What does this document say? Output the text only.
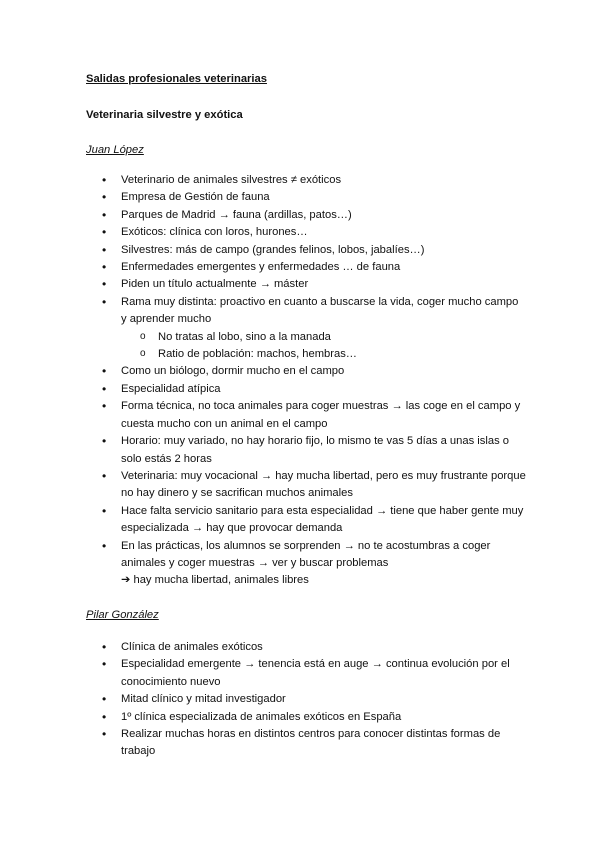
Salidas profesionales veterinarias
Veterinaria silvestre y exótica
Juan López
• Veterinario de animales silvestres ≠ exóticos
• Empresa de Gestión de fauna
• Parques de Madrid → fauna (ardillas, patos…)
• Exóticos: clínica con loros, hurones…
• Silvestres: más de campo (grandes felinos, lobos, jabalíes…)
• Enfermedades emergentes y enfermedades … de fauna
• Piden un título actualmente → máster
• Rama muy distinta: proactivo en cuanto a buscarse la vida, coger mucho campo y aprender mucho
o No tratas al lobo, sino a la manada
o Ratio de población: machos, hembras…
• Como un biólogo, dormir mucho en el campo
• Especialidad atípica
• Forma técnica, no toca animales para coger muestras → las coge en el campo y cuesta mucho con un animal en el campo
• Horario: muy variado, no hay horario fijo, lo mismo te vas 5 días a unas islas o solo estás 2 horas
• Veterinaria: muy vocacional → hay mucha libertad, pero es muy frustrante porque no hay dinero y se sacrifican muchos animales
• Hace falta servicio sanitario para esta especialidad → tiene que haber gente muy especializada → hay que provocar demanda
• En las prácticas, los alumnos se sorprenden → no te acostumbras a coger animales y coger muestras → ver y buscar problemas
➔ hay mucha libertad, animales libres
Pilar González
• Clínica de animales exóticos
• Especialidad emergente → tenencia está en auge → continua evolución por el conocimiento nuevo
• Mitad clínico y mitad investigador
• 1º clínica especializada de animales exóticos en España
• Realizar muchas horas en distintos centros para conocer distintas formas de trabajo
